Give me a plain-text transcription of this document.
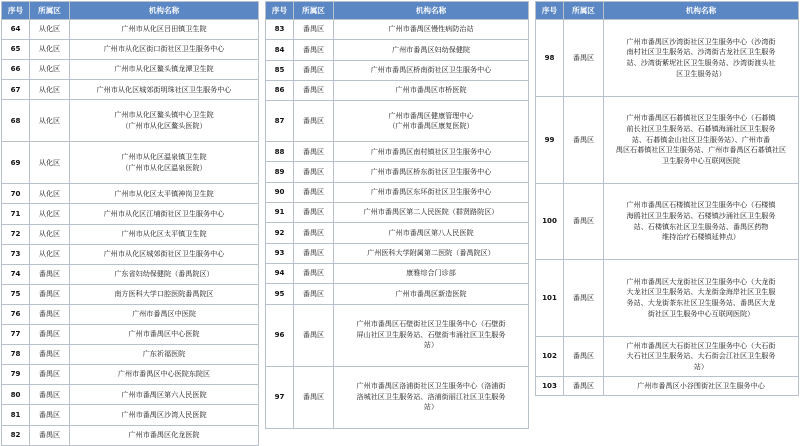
序号	所属区	机构名称
64	从化区	广州市从化区吕田镇卫生院
65	从化区	广州市从化区街口街社区卫生服务中心
66	从化区	广州市从化区鳌头镇龙潭卫生院
67	从化区	广州市从化区城郊街明珠社区卫生服务中心
68	从化区	广州市从化区鳌头镇中心卫生院
（广州市从化区鳌头医院）
69	从化区	广州市从化区温泉镇卫生院
（广州市从化区温泉医院）
70	从化区	广州市从化区太平镇神岗卫生院
71	从化区	广州市从化区江埔街社区卫生服务中心
72	从化区	广州市从化区太平镇卫生院
73	从化区	广州市从化区城郊街社区卫生服务中心
74	番禺区	广东省妇幼保健院（番禺院区）
75	番禺区	南方医科大学口腔医院番禺院区
76	番禺区	广州市番禺区中医院
77	番禺区	广州市番禺区中心医院
78	番禺区	广东祈福医院
79	番禺区	广州市番禺区中心医院东院区
80	番禺区	广州市番禺区第六人民医院
81	番禺区	广州市番禺区沙湾人民医院
82	番禺区	广州市番禺区化龙医院
序号	所属区	机构名称
83	番禺区	广州市番禺区慢性病防治站
84	番禺区	广州市番禺区妇幼保健院
85	番禺区	广州市番禺区桥南街社区卫生服务中心
86	番禺区	广州市番禺区市桥医院
87	番禺区	广州市番禺区健康管理中心
（广州市番禺区康复医院）
88	番禺区	广州市番禺区南村镇社区卫生服务中心
89	番禺区	广州市番禺区桥东街社区卫生服务中心
90	番禺区	广州市番禺区东环街社区卫生服务中心
91	番禺区	广州市番禺区第二人民医院（群贤路院区）
92	番禺区	广州市番禺区第八人民医院
93	番禺区	广州医科大学附属第二医院（番禺院区）
94	番禺区	康雅综合门诊部
95	番禺区	广州市番禺区新造医院
96	番禺区	广州市番禺区石壁街社区卫生服务中心（石壁街
屏山社区卫生服务站、石壁街韦涌社区卫生服务
站）
97	番禺区	广州市番禺区洛浦街社区卫生服务中心（洛浦街
洛城社区卫生服务站、洛浦街丽江社区卫生服务
站）
序号	所属区	机构名称
98	番禺区	广州市番禺区沙湾街社区卫生服务中心（沙湾街
南村社区卫生服务站、沙湾街古龙社区卫生服务
站、沙湾街紫坭社区卫生服务站、沙湾街渡头社
区卫生服务站）
99	番禺区	广州市番禺区石碁镇社区卫生服务中心（石碁镇
前长社区卫生服务站、石碁镇海涌社区卫生服务
站、石碁镇金山社区卫生服务站）、广州市番
禺区石碁镇社区卫生服务站、广州市番禺区石碁镇社区
卫生服务中心互联网医院
100	番禺区	广州市番禺区石楼镇社区卫生服务中心（石楼镇
海鸥社区卫生服务站、石楼镇沙涌社区卫生服务
站、石楼镇东社区卫生服务站、番禺区药物
维持治疗石楼镇延伸点）
101	番禺区	广州市番禺区大龙街社区卫生服务中心（大龙街
大龙社区卫生服务站、大龙街金海岸社区卫生服
务站、大龙街茶东社区卫生服务站、番禺区大龙
街社区卫生服务中心互联网医院）
102	番禺区	广州市番禺区大石街社区卫生服务中心（大石街
大石社区卫生服务站、大石街会江社区卫生服务
站）
103	番禺区	广州市番禺区小谷围街社区卫生服务中心
